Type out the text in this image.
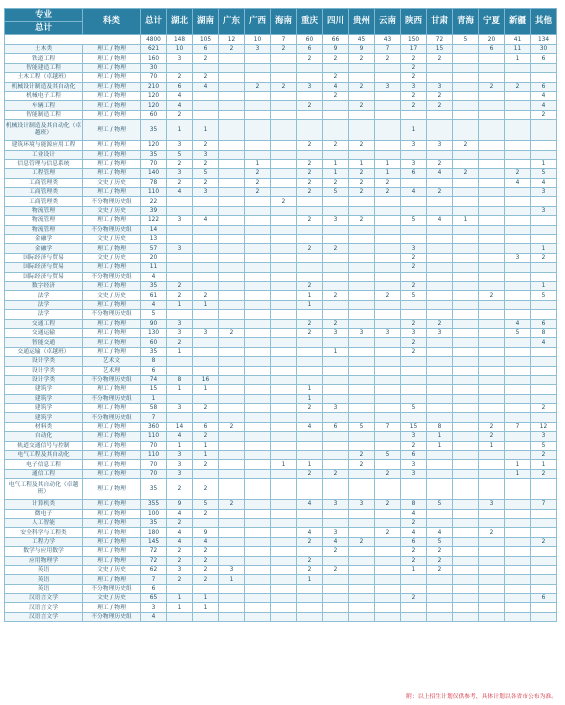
专业	科类	总计	湖北	湖南	广东	广西	海南	重庆	四川	贵州	云南	陕西	甘肃	青海	宁夏	新疆	其他
总计																	
		4800	148	105	12	10	7	60	66	45	43	150	72	5	20	41	134
土木类	理工 / 物理	621	10	6	2	3	2	6	9	9	7	17	15		6	11	30
铁道工程	理工 / 物理	160	3	2				2	2	2	2	2	2			1	6
智能建造工程	理工 / 物理	30										2					
土木工程（卓越班）	理工 / 物理	70	2	2					2			2					
机械设计制造及其自动化	理工 / 物理	210	6	4		2	2	3	4	2	3	3	3		2	2	6
机械电子工程	理工 / 物理	120	4						2			2	2				4
车辆工程	理工 / 物理	120	4					2		2		2	2				4
智能制造工程	理工 / 物理	60	2														2
机械设计制造及其自动化（卓越班）	理工 / 物理	35	1	1								1					
建筑环境与能源应用工程	理工 / 物理	120	3	2				2	2	2		3	3	2			
工业设计	理工 / 物理	35	5	3													
信息管理与信息系统	理工 / 物理	70	2	2		1		2	1	1	1	3	2				1
工程管理	理工 / 物理	140	3	5		2		2	1	2	1	6	4	2		2	5
工商管理类	文史 / 历史	78	2	2		2		2	2	2	2					4	4
工商管理类	理工 / 物理	110	4	3		2		2	5	2	2	4	2				3
工商管理类	不分物理历史组	22					2										
物流管理	文史 / 历史	39															3
物流管理	理工 / 物理	122	3	4				2	3	2		5	4	1			
物流管理	不分物理历史组	14															
金融学	文史 / 历史	13															
金融学	理工 / 物理	57	3					2	2			3					1
国际经济与贸易	文史 / 历史	20										2				3	2
国际经济与贸易	理工 / 物理	11										2					
国际经济与贸易	不分物理历史组	4															
数字经济	理工 / 物理	35	2					2				2					1
法学	文史 / 历史	61	2	2				1	2		2	5			2		5
法学	理工 / 物理	4	1	1				1									
法学	不分物理历史组	5															
交通工程	理工 / 物理	90	3					2	2			2	2			4	6
交通运输	理工 / 物理	130	3	3	2			2	3	3	3	3	3			5	8
智能交通	理工 / 物理	60	2									2					4
交通运输（卓越班）	理工 / 物理	35	1						1			2					
设计学类	艺术文	8															
设计学类	艺术理	6															
设计学类	不分物理历史组	74	8	16													
建筑学	理工 / 物理	15	1	1				1									
建筑学	不分物理历史组	1						1									
建筑学	理工 / 物理	58	3	2				2	3			5					2
建筑学	不分物理历史组	7															
材料类	理工 / 物理	360	14	6	2			4	6	5	7	15	8		2	7	12
自动化	理工 / 物理	110	4	2								3	1		2		3
轨道交通信号与控制	理工 / 物理	70	1	1								2	1		1		5
电气工程及其自动化	理工 / 物理	110	3	1						2	5	6					2
电子信息工程	理工 / 物理	70	3	2			1	1		2		3				1	1
通信工程	理工 / 物理	70	3					2	2		2	3				1	2
电气工程及其自动化（卓越班）	理工 / 物理	35	2	2													
计算机类	理工 / 物理	355	9	5	2			4	3	3	2	8	5		3		7
微电子	理工 / 物理	100	4	2								4					
人工智能	理工 / 物理	35	2									2					
安全科学与工程类	理工 / 物理	180	4	9				4	3		2	4	4		2		
工程力学	理工 / 物理	145	4	4				2	4	2		6	5				2
数学与应用数学	理工 / 物理	72	2	2					2			2	2				
应用物理学	理工 / 物理	72	2	2				2				2	2				
英语	文史 / 历史	62	3	2	3			2	2			1	2				
英语	理工 / 物理	7	2	2	1			1									
英语	不分物理历史组	6															
汉语言文学	文史 / 历史	65	1	1								2					6
汉语言文学	理工 / 物理	3	1	1													
汉语言文学	不分物理历史组	4															
附：以上招生计划仅供参考，具体计划以各省市公布为准。
